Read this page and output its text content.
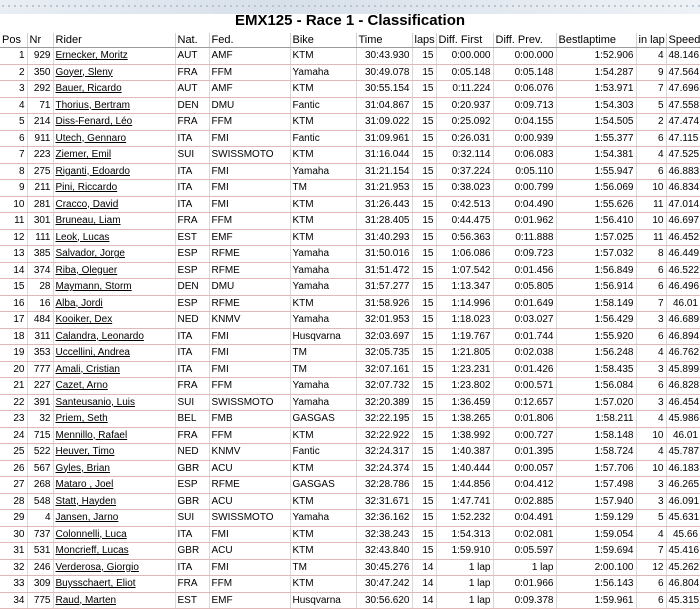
EMX125 - Race 1 - Classification
Pos	Nr	Rider	Nat.	Fed.	Bike	Time	laps	Diff. First	Diff. Prev.	Bestlaptime	in lap	Speed
1	929	Ernecker, Moritz	AUT	AMF	KTM	30:43.930	15	0:00.000	0:00.000	1:52.906	4	48.146
2	350	Goyer, Sleny	FRA	FFM	Yamaha	30:49.078	15	0:05.148	0:05.148	1:54.287	9	47.564
3	292	Bauer, Ricardo	AUT	AMF	KTM	30:55.154	15	0:11.224	0:06.076	1:53.971	7	47.696
4	71	Thorius, Bertram	DEN	DMU	Fantic	31:04.867	15	0:20.937	0:09.713	1:54.303	5	47.558
5	214	Diss-Fenard, Léo	FRA	FFM	KTM	31:09.022	15	0:25.092	0:04.155	1:54.505	2	47.474
6	911	Utech, Gennaro	ITA	FMI	Fantic	31:09.961	15	0:26.031	0:00.939	1:55.377	6	47.115
7	223	Ziemer, Emil	SUI	SWISSMOTO	KTM	31:16.044	15	0:32.114	0:06.083	1:54.381	4	47.525
8	275	Riganti, Edoardo	ITA	FMI	Yamaha	31:21.154	15	0:37.224	0:05.110	1:55.947	6	46.883
9	211	Pini, Riccardo	ITA	FMI	TM	31:21.953	15	0:38.023	0:00.799	1:56.069	10	46.834
10	281	Cracco, David	ITA	FMI	KTM	31:26.443	15	0:42.513	0:04.490	1:55.626	11	47.014
11	301	Bruneau, Liam	FRA	FFM	KTM	31:28.405	15	0:44.475	0:01.962	1:56.410	10	46.697
12	111	Leok, Lucas	EST	EMF	KTM	31:40.293	15	0:56.363	0:11.888	1:57.025	11	46.452
13	385	Salvador, Jorge	ESP	RFME	Yamaha	31:50.016	15	1:06.086	0:09.723	1:57.032	8	46.449
14	374	Riba, Oleguer	ESP	RFME	Yamaha	31:51.472	15	1:07.542	0:01.456	1:56.849	6	46.522
15	28	Maymann, Storm	DEN	DMU	Yamaha	31:57.277	15	1:13.347	0:05.805	1:56.914	6	46.496
16	16	Alba, Jordi	ESP	RFME	KTM	31:58.926	15	1:14.996	0:01.649	1:58.149	7	46.01
17	484	Kooiker, Dex	NED	KNMV	Yamaha	32:01.953	15	1:18.023	0:03.027	1:56.429	3	46.689
18	311	Calandra, Leonardo	ITA	FMI	Husqvarna	32:03.697	15	1:19.767	0:01.744	1:55.920	6	46.894
19	353	Uccellini, Andrea	ITA	FMI	TM	32:05.735	15	1:21.805	0:02.038	1:56.248	4	46.762
20	777	Amali, Cristian	ITA	FMI	TM	32:07.161	15	1:23.231	0:01.426	1:58.435	3	45.899
21	227	Cazet, Arno	FRA	FFM	Yamaha	32:07.732	15	1:23.802	0:00.571	1:56.084	6	46.828
22	391	Santeusanio, Luis	SUI	SWISSMOTO	Yamaha	32:20.389	15	1:36.459	0:12.657	1:57.020	3	46.454
23	32	Priem, Seth	BEL	FMB	GASGAS	32:22.195	15	1:38.265	0:01.806	1:58.211	4	45.986
24	715	Mennillo, Rafael	FRA	FFM	KTM	32:22.922	15	1:38.992	0:00.727	1:58.148	10	46.01
25	522	Heuver, Timo	NED	KNMV	Fantic	32:24.317	15	1:40.387	0:01.395	1:58.724	4	45.787
26	567	Gyles, Brian	GBR	ACU	KTM	32:24.374	15	1:40.444	0:00.057	1:57.706	10	46.183
27	268	Mataro , Joel	ESP	RFME	GASGAS	32:28.786	15	1:44.856	0:04.412	1:57.498	3	46.265
28	548	Statt, Hayden	GBR	ACU	KTM	32:31.671	15	1:47.741	0:02.885	1:57.940	3	46.091
29	4	Jansen, Jarno	SUI	SWISSMOTO	Yamaha	32:36.162	15	1:52.232	0:04.491	1:59.129	5	45.631
30	737	Colonnelli, Luca	ITA	FMI	KTM	32:38.243	15	1:54.313	0:02.081	1:59.054	4	45.66
31	531	Moncrieff, Lucas	GBR	ACU	KTM	32:43.840	15	1:59.910	0:05.597	1:59.694	7	45.416
32	246	Verderosa, Giorgio	ITA	FMI	TM	30:45.276	14	1 lap	1 lap	2:00.100	12	45.262
33	309	Buysschaert, Eliot	FRA	FFM	KTM	30:47.242	14	1 lap	0:01.966	1:56.143	6	46.804
34	775	Raud, Marten	EST	EMF	Husqvarna	30:56.620	14	1 lap	0:09.378	1:59.961	6	45.315
